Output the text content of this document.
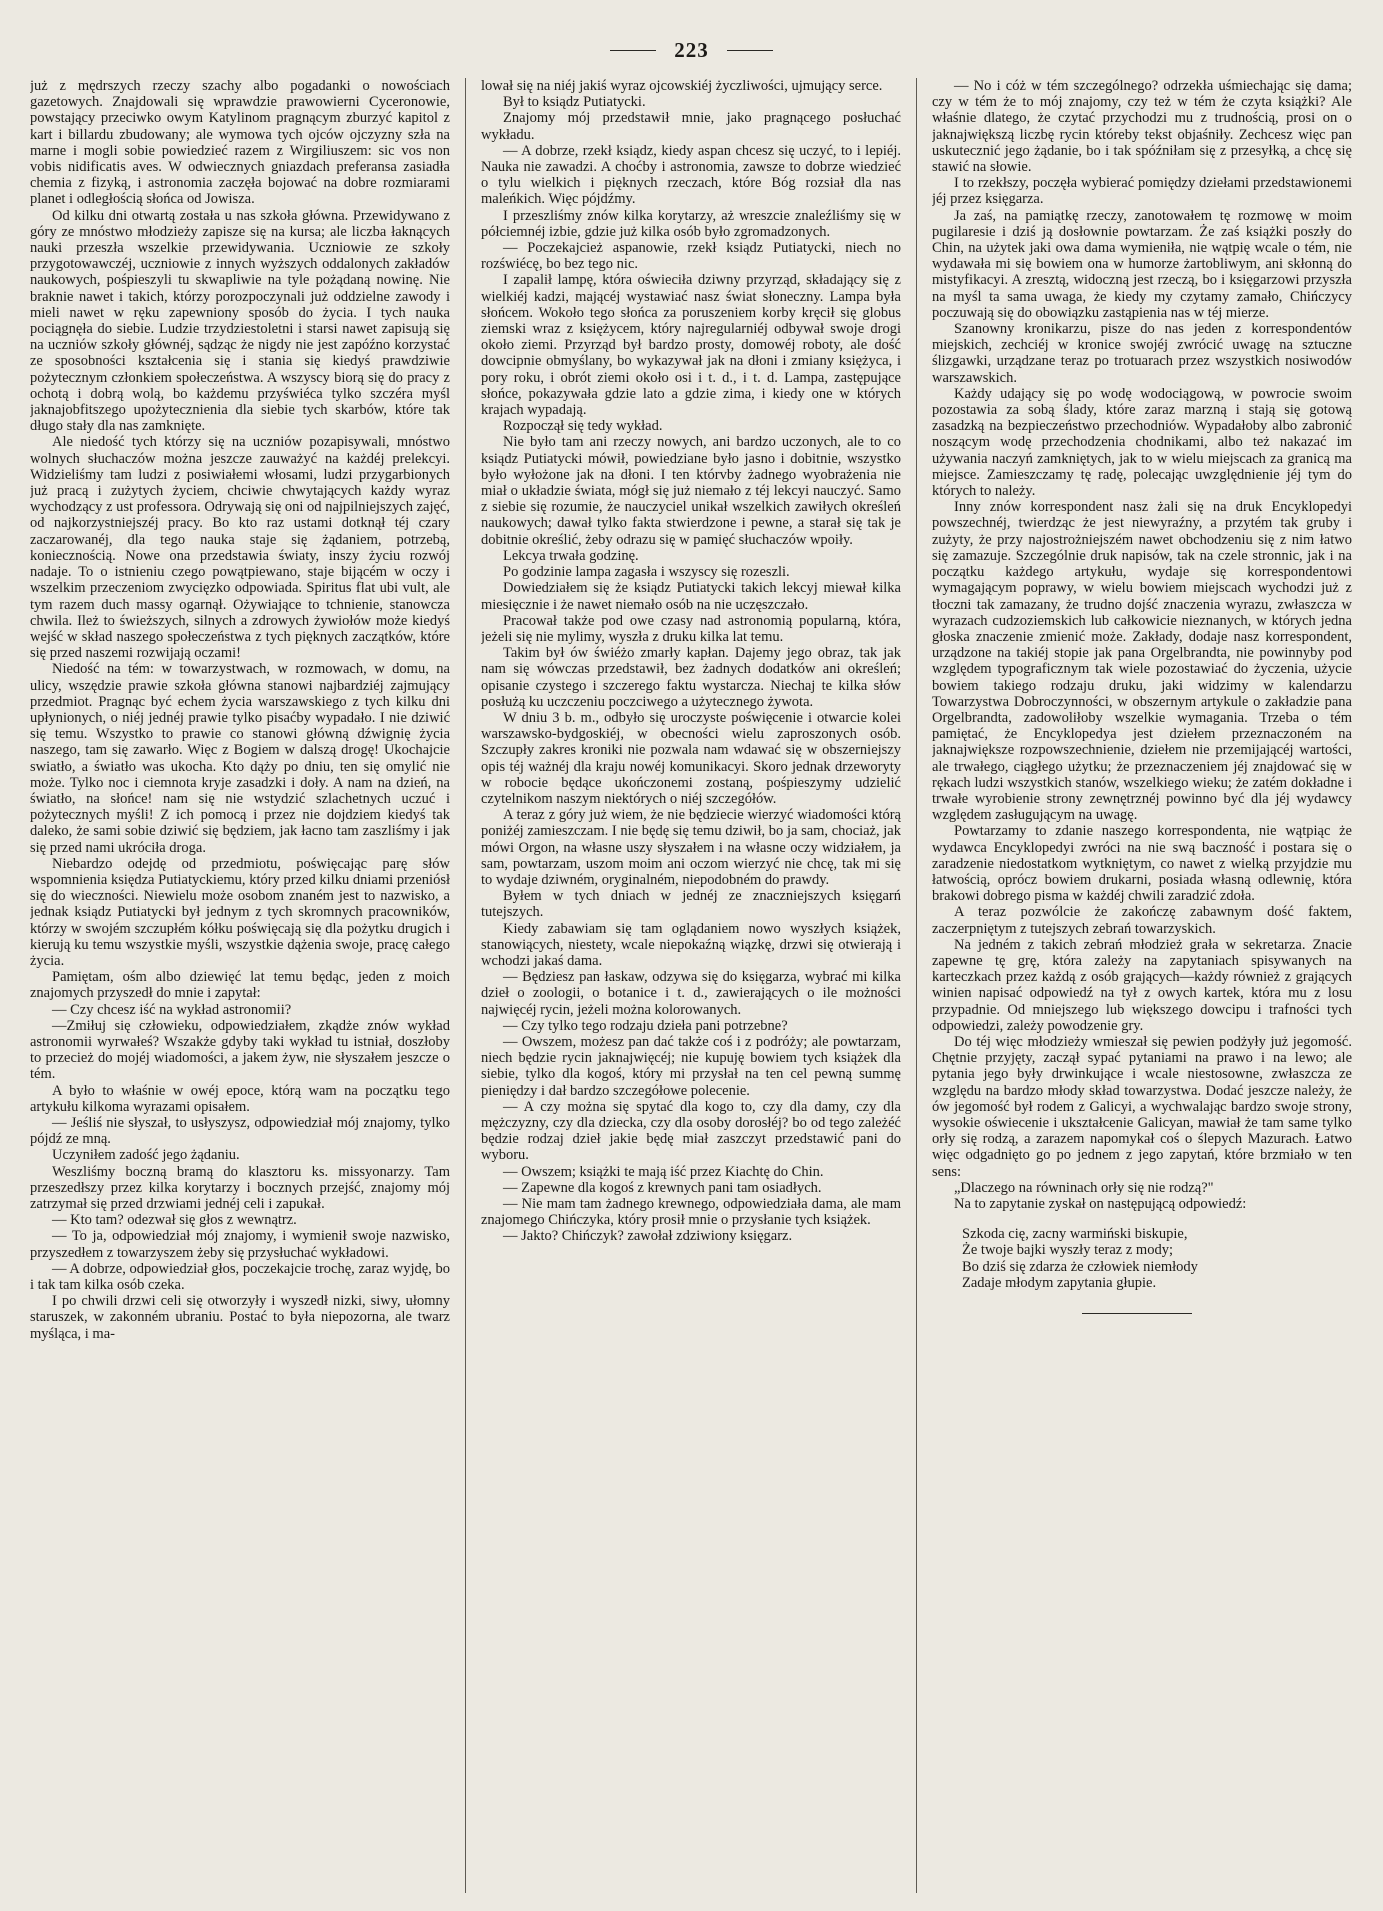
223

już z mędrszych rzeczy szachy albo pogadanki o nowościach gazetowych. Znajdowali się wprawdzie prawowierni Cyceronowie, powstający przeciwko owym Katylinom pragnącym zburzyć kapitol z kart i billardu zbudowany; ale wymowa tych ojców ojczyzny szła na marne i mogli sobie powiedzieć razem z Wirgiliuszem: sic vos non vobis nidificatis aves. W odwiecznych gniazdach preferansa zasiadła chemia z fizyką, i astronomia zaczęła bojować na dobre rozmiarami planet i odległością słońca od Jowisza.

Od kilku dni otwartą została u nas szkoła główna. Przewidywano z góry ze mnóstwo młodzieży zapisze się na kursa; ale liczba łaknących nauki przeszła wszelkie przewidywania. Uczniowie ze szkoły przygotowawczéj, uczniowie z innych wyższych oddalonych zakładów naukowych, pośpieszyli tu skwapliwie na tyle pożądaną nowinę. Nie braknie nawet i takich, którzy porozpoczynali już oddzielne zawody i mieli nawet w ręku zapewniony sposób do życia. I tych nauka pociągnęła do siebie. Ludzie trzydziestoletni i starsi nawet zapisują się na uczniów szkoły głównéj, sądząc że nigdy nie jest zapóźno korzystać ze sposobności kształcenia się i stania się kiedyś prawdziwie pożytecznym członkiem społeczeństwa. A wszyscy biorą się do pracy z ochotą i dobrą wolą, bo każdemu przyświéca tylko szczéra myśl jaknajobfitszego upożytecznienia dla siebie tych skarbów, które tak długo stały dla nas zamknięte.

Ale niedość tych którzy się na uczniów pozapisywali, mnóstwo wolnych słuchaczów można jeszcze zauważyć na każdéj prelekcyi. Widzieliśmy tam ludzi z posiwiałemi włosami, ludzi przygarbionych już pracą i zużytych życiem, chciwie chwytających każdy wyraz wychodzący z ust professora. Odrywają się oni od najpilniejszych zajęć, od najkorzystniejszéj pracy. Bo kto raz ustami dotknął téj czary zaczarowanéj, dla tego nauka staje się żądaniem, potrzebą, koniecznością. Nowe ona przedstawia światy, inszy życiu rozwój nadaje. To o istnieniu czego powątpiewano, staje bijącém w oczy i wszelkim przeczeniom zwycięzko odpowiada. Spiritus flat ubi vult, ale tym razem duch massy ogarnął. Ożywiające to tchnienie, stanowcza chwila. Ileż to świeższych, silnych a zdrowych żywiołów może kiedyś wejść w skład naszego społeczeństwa z tych pięknych zaczątków, które się przed naszemi rozwijają oczami!

Niedość na tém: w towarzystwach, w rozmowach, w domu, na ulicy, wszędzie prawie szkoła główna stanowi najbardziéj zajmujący przedmiot. Pragnąc być echem życia warszawskiego z tych kilku dni upłynionych, o niéj jednéj prawie tylko pisaćby wypadało. I nie dziwić się temu. Wszystko to prawie co stanowi główną dźwignię życia naszego, tam się zawarło. Więc z Bogiem w dalszą drogę! Ukochajcie swiatło, a światło was ukocha. Kto dąży po dniu, ten się omylić nie może. Tylko noc i ciemnota kryje zasadzki i doły. A nam na dzień, na światło, na słońce! nam się nie wstydzić szlachetnych uczuć i pożytecznych myśli! Z ich pomocą i przez nie dojdziem kiedyś tak daleko, że sami sobie dziwić się będziem, jak łacno tam zaszliśmy i jak się przed nami ukróciła droga.

Niebardzo odejdę od przedmiotu, poświęcając parę słów wspomnienia księdza Putiatyckiemu, który przed kilku dniami przeniósł się do wieczności. Niewielu może osobom znaném jest to nazwisko, a jednak ksiądz Putiatycki był jednym z tych skromnych pracowników, którzy w swojém szczupłém kółku poświęcają się dla pożytku drugich i kierują ku temu wszystkie myśli, wszystkie dążenia swoje, pracę całego życia.

Pamiętam, ośm albo dziewięć lat temu będąc, jeden z moich znajomych przyszedł do mnie i zapytał:

— Czy chcesz iść na wykład astronomii?

—Zmiłuj się człowieku, odpowiedziałem, zkądże znów wykład astronomii wyrwałeś? Wszakże gdyby taki wykład tu istniał, doszłoby to przecież do mojéj wiadomości, a jakem żyw, nie słyszałem jeszcze o tém.

A było to właśnie w owéj epoce, którą wam na początku tego artykułu kilkoma wyrazami opisałem.

— Jeśliś nie słyszał, to usłyszysz, odpowiedział mój znajomy, tylko pójdź ze mną.

Uczyniłem zadość jego żądaniu.

Weszliśmy boczną bramą do klasztoru ks. missyonarzy. Tam przeszedłszy przez kilka korytarzy i bocznych przejść, znajomy mój zatrzymał się przed drzwiami jednéj celi i zapukał.

— Kto tam? odezwał się głos z wewnątrz.

— To ja, odpowiedział mój znajomy, i wymienił swoje nazwisko, przyszedłem z towarzyszem żeby się przysłuchać wykładowi.

— A dobrze, odpowiedział głos, poczekajcie trochę, zaraz wyjdę, bo i tak tam kilka osób czeka.

I po chwili drzwi celi się otworzyły i wyszedł nizki, siwy, ułomny staruszek, w zakonném ubraniu. Postać to była niepozorna, ale twarz myśląca, i ma-

lował się na niéj jakiś wyraz ojcowskiéj życzliwości, ujmujący serce.

Był to ksiądz Putiatycki.

Znajomy mój przedstawił mnie, jako pragnącego posłuchać wykładu.

— A dobrze, rzekł ksiądz, kiedy aspan chcesz się uczyć, to i lepiéj. Nauka nie zawadzi. A choćby i astronomia, zawsze to dobrze wiedzieć o tylu wielkich i pięknych rzeczach, które Bóg rozsiał dla nas maleńkich. Więc pójdźmy.

I przeszliśmy znów kilka korytarzy, aż wreszcie znaleźliśmy się w półciemnéj izbie, gdzie już kilka osób było zgromadzonych.

— Poczekajcież aspanowie, rzekł ksiądz Putiatycki, niech no rozświécę, bo bez tego nic.

I zapalił lampę, która oświeciła dziwny przyrząd, składający się z wielkiéj kadzi, mającéj wystawiać nasz świat słoneczny. Lampa była słońcem. Wokoło tego słońca za poruszeniem korby kręcił się globus ziemski wraz z księżycem, który najregularniéj odbywał swoje drogi około ziemi. Przyrząd był bardzo prosty, domowéj roboty, ale dość dowcipnie obmyślany, bo wykazywał jak na dłoni i zmiany księżyca, i pory roku, i obrót ziemi około osi i t. d., i t. d. Lampa, zastępujące słońce, pokazywała gdzie lato a gdzie zima, i kiedy one w których krajach wypadają.

Rozpoczął się tedy wykład.

Nie było tam ani rzeczy nowych, ani bardzo uczonych, ale to co ksiądz Putiatycki mówił, powiedziane było jasno i dobitnie, wszystko było wyłożone jak na dłoni. I ten którvby żadnego wyobrażenia nie miał o układzie świata, mógł się już niemało z téj lekcyi nauczyć. Samo z siebie się rozumie, że nauczyciel unikał wszelkich zawiłych określeń naukowych; dawał tylko fakta stwierdzone i pewne, a starał się tak je dobitnie określić, żeby odrazu się w pamięć słuchaczów wpoiły.

Lekcya trwała godzinę.

Po godzinie lampa zagasła i wszyscy się rozeszli.

Dowiedziałem się że ksiądz Putiatycki takich lekcyj miewał kilka miesięcznie i że nawet niemało osób na nie uczęszczało.

Pracował także pod owe czasy nad astronomią popularną, która, jeżeli się nie mylimy, wyszła z druku kilka lat temu.

Takim był ów świéżo zmarły kapłan. Dajemy jego obraz, tak jak nam się wówczas przedstawił, bez żadnych dodatków ani określeń; opisanie czystego i szczerego faktu wystarcza. Niechaj te kilka słów posłużą ku uczczeniu poczciwego a użytecznego żywota.

W dniu 3 b. m., odbyło się uroczyste poświęcenie i otwarcie kolei warszawsko-bydgoskiéj, w obecności wielu zaproszonych osób. Szczupły zakres kroniki nie pozwala nam wdawać się w obszerniejszy opis téj ważnéj dla kraju nowéj komunikacyi. Skoro jednak drzeworyty w robocie będące ukończonemi zostaną, pośpieszymy udzielić czytelnikom naszym niektórych o niéj szczegółów.

A teraz z góry już wiem, że nie będziecie wierzyć wiadomości którą poniżéj zamieszczam. I nie będę się temu dziwił, bo ja sam, chociaż, jak mówi Orgon, na własne uszy słyszałem i na własne oczy widziałem, ja sam, powtarzam, uszom moim ani oczom wierzyć nie chcę, tak mi się to wydaje dziwném, oryginalném, niepodobném do prawdy.

Byłem w tych dniach w jednéj ze znaczniejszych księgarń tutejszych.

Kiedy zabawiam się tam oglądaniem nowo wyszłych książek, stanowiących, niestety, wcale niepokaźną wiązkę, drzwi się otwierają i wchodzi jakaś dama.

— Będziesz pan łaskaw, odzywa się do księgarza, wybrać mi kilka dzieł o zoologii, o botanice i t. d., zawierających o ile możności najwięcéj rycin, jeżeli można kolorowanych.

— Czy tylko tego rodzaju dzieła pani potrzebne?

— Owszem, możesz pan dać także coś i z podróży; ale powtarzam, niech będzie rycin jaknajwięcéj; nie kupuję bowiem tych książek dla siebie, tylko dla kogoś, który mi przysłał na ten cel pewną summę pieniędzy i dał bardzo szczegółowe polecenie.

— A czy można się spytać dla kogo to, czy dla damy, czy dla mężczyzny, czy dla dziecka, czy dla osoby dorosłéj? bo od tego zależéć będzie rodzaj dzieł jakie będę miał zaszczyt przedstawić pani do wyboru.

— Owszem; książki te mają iść przez Kiachtę do Chin.

— Zapewne dla kogoś z krewnych pani tam osiadłych.

— Nie mam tam żadnego krewnego, odpowiedziała dama, ale mam znajomego Chińczyka, który prosił mnie o przysłanie tych książek.

— Jakto? Chińczyk? zawołał zdziwiony księgarz.

— No i cóż w tém szczególnego? odrzekła uśmiechając się dama; czy w tém że to mój znajomy, czy też w tém że czyta książki? Ale właśnie dlatego, że czytać przychodzi mu z trudnością, prosi on o jaknajwiększą liczbę rycin któreby tekst objaśniły. Zechcesz więc pan uskutecznić jego żądanie, bo i tak spóźniłam się z przesyłką, a chcę się stawić na słowie.

I to rzekłszy, poczęła wybierać pomiędzy dziełami przedstawionemi jéj przez księgarza.

Ja zaś, na pamiątkę rzeczy, zanotowałem tę rozmowę w moim pugilaresie i dziś ją dosłownie powtarzam. Że zaś książki poszły do Chin, na użytek jaki owa dama wymieniła, nie wątpię wcale o tém, nie wydawała mi się bowiem ona w humorze żartobliwym, ani skłonną do mistyfikacyi. A zresztą, widoczną jest rzeczą, bo i księgarzowi przyszła na myśl ta sama uwaga, że kiedy my czytamy zamało, Chińczycy poczuwają się do obowiązku zastąpienia nas w téj mierze.

Szanowny kronikarzu, pisze do nas jeden z korrespondentów miejskich, zechciéj w kronice swojéj zwrócić uwagę na sztuczne ślizgawki, urządzane teraz po trotuarach przez wszystkich nosiwodów warszawskich.

Każdy udający się po wodę wodociągową, w powrocie swoim pozostawia za sobą ślady, które zaraz marzną i stają się gotową zasadzką na bezpieczeństwo przechodniów. Wypadałoby albo zabronić noszącym wodę przechodzenia chodnikami, albo też nakazać im używania naczyń zamkniętych, jak to w wielu miejscach za granicą ma miejsce. Zamieszczamy tę radę, polecając uwzględnienie jéj tym do których to należy.

Inny znów korrespondent nasz żali się na druk Encyklopedyi powszechnéj, twierdząc że jest niewyraźny, a przytém tak gruby i zużyty, że przy najostrożniejszém nawet obchodzeniu się z nim łatwo się zamazuje. Szczególnie druk napisów, tak na czele stronnic, jak i na początku każdego artykułu, wydaje się korrespondentowi wymagającym poprawy, w wielu bowiem miejscach wychodzi już z tłoczni tak zamazany, że trudno dojść znaczenia wyrazu, zwłaszcza w wyrazach cudzoziemskich lub całkowicie nieznanych, w których jedna głoska znaczenie zmienić może. Zakłady, dodaje nasz korrespondent, urządzone na takiéj stopie jak pana Orgelbrandta, nie powinnyby pod względem typograficznym tak wiele pozostawiać do życzenia, użycie bowiem takiego rodzaju druku, jaki widzimy w kalendarzu Towarzystwa Dobroczynności, w obszernym artykule o zakładzie pana Orgelbrandta, zadowoliłoby wszelkie wymagania. Trzeba o tém pamiętać, że Encyklopedya jest dziełem przeznaczoném na jaknajwiększe rozpowszechnienie, dziełem nie przemijającéj wartości, ale trwałego, ciągłego użytku; że przeznaczeniem jéj znajdować się w rękach ludzi wszystkich stanów, wszelkiego wieku; że zatém dokładne i trwałe wyrobienie strony zewnętrznéj powinno być dla jéj wydawcy względem zasługującym na uwagę.

Powtarzamy to zdanie naszego korrespondenta, nie wątpiąc że wydawca Encyklopedyi zwróci na nie swą baczność i postara się o zaradzenie niedostatkom wytkniętym, co nawet z wielką przyjdzie mu łatwością, oprócz bowiem drukarni, posiada własną odlewnię, która brakowi dobrego pisma w każdéj chwili zaradzić zdoła.

A teraz pozwólcie że zakończę zabawnym dość faktem, zaczerpniętym z tutejszych zebrań towarzyskich.

Na jedném z takich zebrań młodzież grała w sekretarza. Znacie zapewne tę grę, która zależy na zapytaniach spisywanych na karteczkach przez każdą z osób grających—każdy również z grających winien napisać odpowiedź na tył z owych kartek, która mu z losu przypadnie. Od mniejszego lub większego dowcipu i trafności tych odpowiedzi, zależy powodzenie gry.

Do téj więc młodzieży wmieszał się pewien podżyły już jegomość. Chętnie przyjęty, zaczął sypać pytaniami na prawo i na lewo; ale pytania jego były drwinkujące i wcale niestosowne, zwłaszcza ze względu na bardzo młody skład towarzystwa. Dodać jeszcze należy, że ów jegomość był rodem z Galicyi, a wychwalając bardzo swoje strony, wysokie oświecenie i ukształcenie Galicyan, mawiał że tam same tylko orły się rodzą, a zarazem napomykał coś o ślepych Mazurach. Łatwo więc odgadnięto go po jednem z jego zapytań, które brzmiało w ten sens:

„Dlaczego na równinach orły się nie rodzą?"

Na to zapytanie zyskał on następującą odpowiedź:

Szkoda cię, zacny warmiński biskupie,
Że twoje bajki wyszły teraz z mody;
Bo dziś się zdarza że człowiek niemłody
Zadaje młodym zapytania głupie.
